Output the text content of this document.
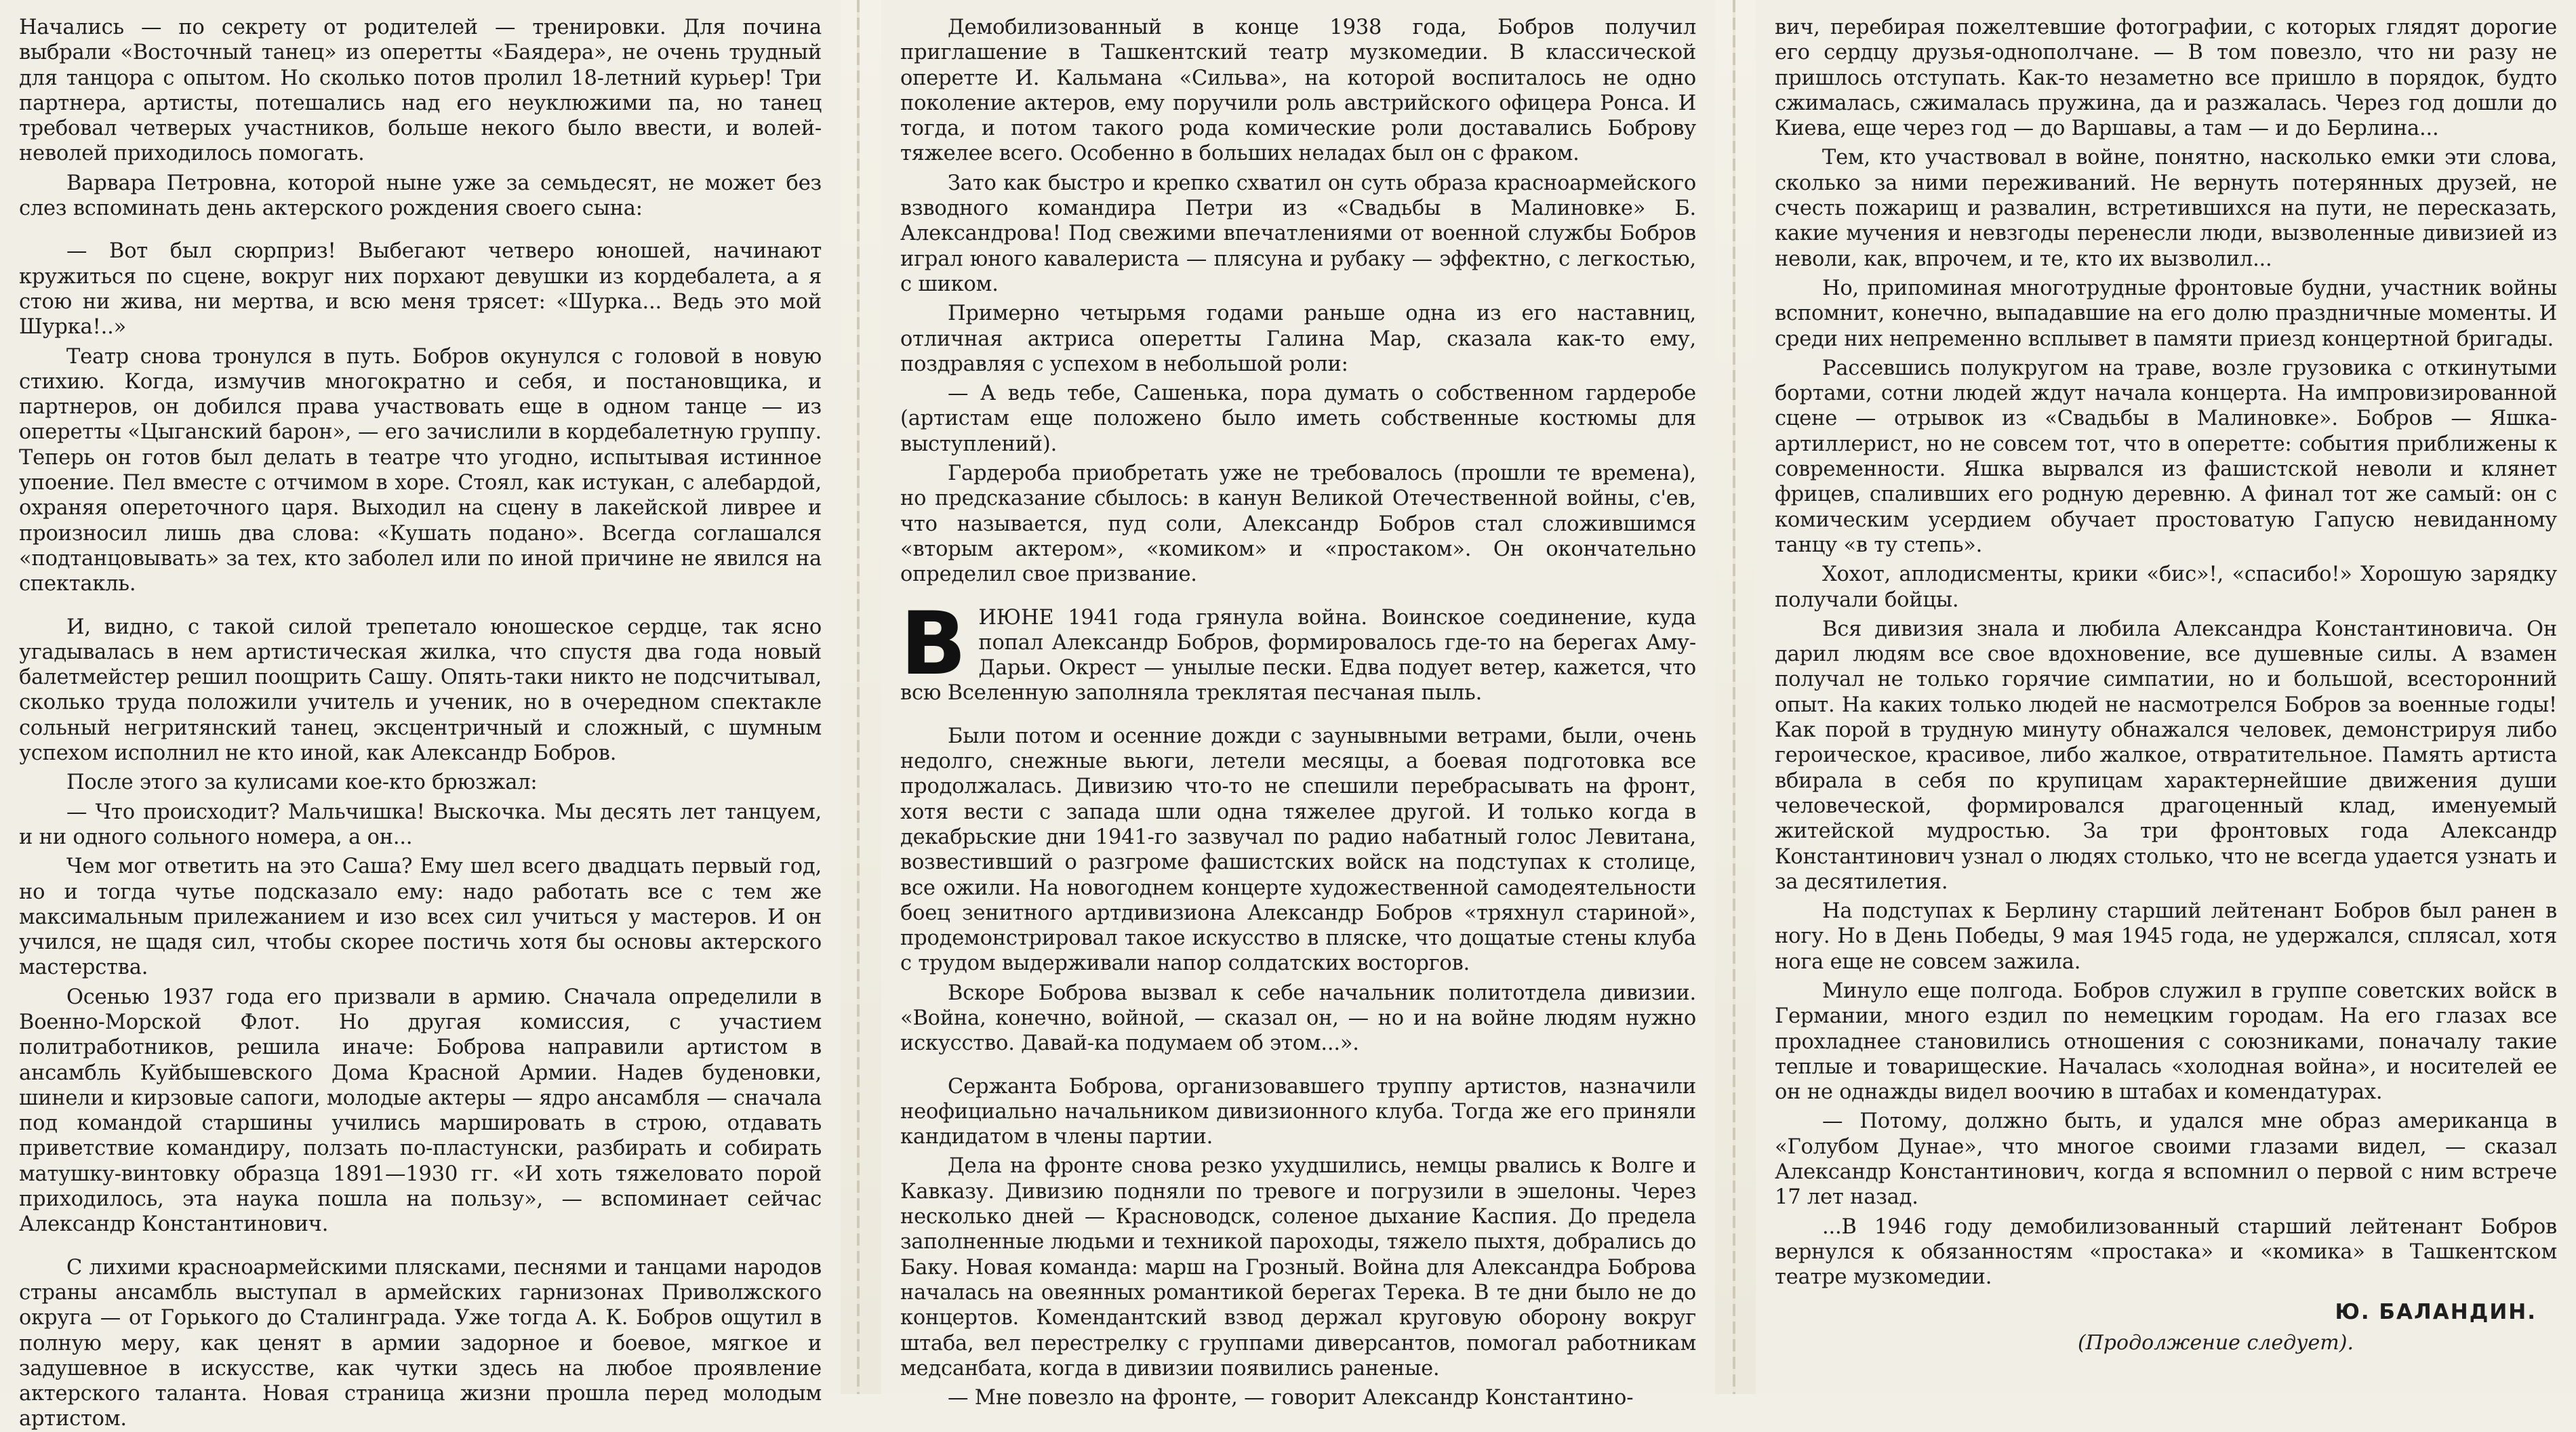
Начались — по секрету от родителей — тренировки. Для почина выбрали «Восточный танец» из оперетты «Баядера», не очень трудный для танцора с опытом. Но сколько потов пролил 18-летний курьер! Три партнера, артисты, потешались над его неуклюжими па, но танец требовал четверых участников, больше некого было ввести, и волей-неволей приходилось помогать.

Варвара Петровна, которой ныне уже за семьдесят, не может без слез вспоминать день актерского рождения своего сына:

— Вот был сюрприз! Выбегают четверо юношей, начинают кружиться по сцене, вокруг них порхают девушки из кордебалета, а я стою ни жива, ни мертва, и всю меня трясет: «Шурка... Ведь это мой Шурка!..»

Театр снова тронулся в путь. Бобров окунулся с головой в новую стихию. Когда, измучив многократно и себя, и постановщика, и партнеров, он добился права участвовать еще в одном танце — из оперетты «Цыганский барон», — его зачислили в кордебалетную группу. Теперь он готов был делать в театре что угодно, испытывая истинное упоение. Пел вместе с отчимом в хоре. Стоял, как истукан, с алебардой, охраняя опереточного царя. Выходил на сцену в лакейской ливрее и произносил лишь два слова: «Кушать подано». Всегда соглашался «подтанцовывать» за тех, кто заболел или по иной причине не явился на спектакль.

И, видно, с такой силой трепетало юношеское сердце, так ясно угадывалась в нем артистическая жилка, что спустя два года новый балетмейстер решил поощрить Сашу. Опять-таки никто не подсчитывал, сколько труда положили учитель и ученик, но в очередном спектакле сольный негритянский танец, эксцентричный и сложный, с шумным успехом исполнил не кто иной, как Александр Бобров.

После этого за кулисами кое-кто брюзжал:

— Что происходит? Мальчишка! Выскочка. Мы десять лет танцуем, и ни одного сольного номера, а он...

Чем мог ответить на это Саша? Ему шел всего двадцать первый год, но и тогда чутье подсказало ему: надо работать все с тем же максимальным прилежанием и изо всех сил учиться у мастеров. И он учился, не щадя сил, чтобы скорее постичь хотя бы основы актерского мастерства.

Осенью 1937 года его призвали в армию. Сначала определили в Военно-Морской Флот. Но другая комиссия, с участием политработников, решила иначе: Боброва направили артистом в ансамбль Куйбышевского Дома Красной Армии. Надев буденовки, шинели и кирзовые сапоги, молодые актеры — ядро ансамбля — сначала под командой старшины учились маршировать в строю, отдавать приветствие командиру, ползать по-пластунски, разбирать и собирать матушку-винтовку образца 1891—1930 гг. «И хоть тяжеловато порой приходилось, эта наука пошла на пользу», — вспоминает сейчас Александр Константинович.

С лихими красноармейскими плясками, песнями и танцами народов страны ансамбль выступал в армейских гарнизонах Приволжского округа — от Горького до Сталинграда. Уже тогда А. К. Бобров ощутил в полную меру, как ценят в армии задорное и боевое, мягкое и задушевное в искусстве, как чутки здесь на любое проявление актерского таланта. Новая страница жизни прошла перед молодым артистом.

Демобилизованный в конце 1938 года, Бобров получил приглашение в Ташкентский театр музкомедии. В классической оперетте И. Кальмана «Сильва», на которой воспиталось не одно поколение актеров, ему поручили роль австрийского офицера Ронса. И тогда, и потом такого рода комические роли доставались Боброву тяжелее всего. Особенно в больших неладах был он с фраком.

Зато как быстро и крепко схватил он суть образа красноармейского взводного командира Петри из «Свадьбы в Малиновке» Б. Александрова! Под свежими впечатлениями от военной службы Бобров играл юного кавалериста — плясуна и рубаку — эффектно, с легкостью, с шиком.

Примерно четырьмя годами раньше одна из его наставниц, отличная актриса оперетты Галина Мар, сказала как-то ему, поздравляя с успехом в небольшой роли:

— А ведь тебе, Сашенька, пора думать о собственном гардеробе (артистам еще положено было иметь собственные костюмы для выступлений).

Гардероба приобретать уже не требовалось (прошли те времена), но предсказание сбылось: в канун Великой Отечественной войны, с'ев, что называется, пуд соли, Александр Бобров стал сложившимся «вторым актером», «комиком» и «простаком». Он окончательно определил свое призвание.

ВИЮНЕ 1941 года грянула война. Воинское соединение, куда попал Александр Бобров, формировалось где-то на берегах Аму-Дарьи. Окрест — унылые пески. Едва подует ветер, кажется, что всю Вселенную заполняла треклятая песчаная пыль.

Были потом и осенние дожди с заунывными ветрами, были, очень недолго, снежные вьюги, летели месяцы, а боевая подготовка все продолжалась. Дивизию что-то не спешили перебрасывать на фронт, хотя вести с запада шли одна тяжелее другой. И только когда в декабрьские дни 1941-го зазвучал по радио набатный голос Левитана, возвестивший о разгроме фашистских войск на подступах к столице, все ожили. На новогоднем концерте художественной самодеятельности боец зенитного артдивизиона Александр Бобров «тряхнул стариной», продемонстрировал такое искусство в пляске, что дощатые стены клуба с трудом выдерживали напор солдатских восторгов.

Вскоре Боброва вызвал к себе начальник политотдела дивизии. «Война, конечно, войной, — сказал он, — но и на войне людям нужно искусство. Давай-ка подумаем об этом...».

Сержанта Боброва, организовавшего труппу артистов, назначили неофициально начальником дивизионного клуба. Тогда же его приняли кандидатом в члены партии.

Дела на фронте снова резко ухудшились, немцы рвались к Волге и Кавказу. Дивизию подняли по тревоге и погрузили в эшелоны. Через несколько дней — Красноводск, соленое дыхание Каспия. До предела заполненные людьми и техникой пароходы, тяжело пыхтя, добрались до Баку. Новая команда: марш на Грозный. Война для Александра Боброва началась на овеянных романтикой берегах Терека. В те дни было не до концертов. Комендантский взвод держал круговую оборону вокруг штаба, вел перестрелку с группами диверсантов, помогал работникам медсанбата, когда в дивизии появились раненые.

— Мне повезло на фронте, — говорит Александр Константино-

вич, перебирая пожелтевшие фотографии, с которых глядят дорогие его сердцу друзья-однополчане. — В том повезло, что ни разу не пришлось отступать. Как-то незаметно все пришло в порядок, будто сжималась, сжималась пружина, да и разжалась. Через год дошли до Киева, еще через год — до Варшавы, а там — и до Берлина...

Тем, кто участвовал в войне, понятно, насколько емки эти слова, сколько за ними переживаний. Не вернуть потерянных друзей, не счесть пожарищ и развалин, встретившихся на пути, не пересказать, какие мучения и невзгоды перенесли люди, вызволенные дивизией из неволи, как, впрочем, и те, кто их вызволил...

Но, припоминая многотрудные фронтовые будни, участник войны вспомнит, конечно, выпадавшие на его долю праздничные моменты. И среди них непременно всплывет в памяти приезд концертной бригады.

Рассевшись полукругом на траве, возле грузовика с откинутыми бортами, сотни людей ждут начала концерта. На импровизированной сцене — отрывок из «Свадьбы в Малиновке». Бобров — Яшка-артиллерист, но не совсем тот, что в оперетте: события приближены к современности. Яшка вырвался из фашистской неволи и клянет фрицев, спаливших его родную деревню. А финал тот же самый: он с комическим усердием обучает простоватую Гапусю невиданному танцу «в ту степь».

Хохот, аплодисменты, крики «бис»!, «спасибо!» Хорошую зарядку получали бойцы.

Вся дивизия знала и любила Александра Константиновича. Он дарил людям все свое вдохновение, все душевные силы. А взамен получал не только горячие симпатии, но и большой, всесторонний опыт. На каких только людей не насмотрелся Бобров за военные годы! Как порой в трудную минуту обнажался человек, демонстрируя либо героическое, красивое, либо жалкое, отвратительное. Память артиста вбирала в себя по крупицам характернейшие движения души человеческой, формировался драгоценный клад, именуемый житейской мудростью. За три фронтовых года Александр Константинович узнал о людях столько, что не всегда удается узнать и за десятилетия.

На подступах к Берлину старший лейтенант Бобров был ранен в ногу. Но в День Победы, 9 мая 1945 года, не удержался, сплясал, хотя нога еще не совсем зажила.

Минуло еще полгода. Бобров служил в группе советских войск в Германии, много ездил по немецким городам. На его глазах все прохладнее становились отношения с союзниками, поначалу такие теплые и товарищеские. Началась «холодная война», и носителей ее он не однажды видел воочию в штабах и комендатурах.

— Потому, должно быть, и удался мне образ американца в «Голубом Дунае», что многое своими глазами видел, — сказал Александр Константинович, когда я вспомнил о первой с ним встрече 17 лет назад.

...В 1946 году демобилизованный старший лейтенант Бобров вернулся к обязанностям «простака» и «комика» в Ташкентском театре музкомедии.

Ю. БАЛАНДИН.
(Продолжение следует).
